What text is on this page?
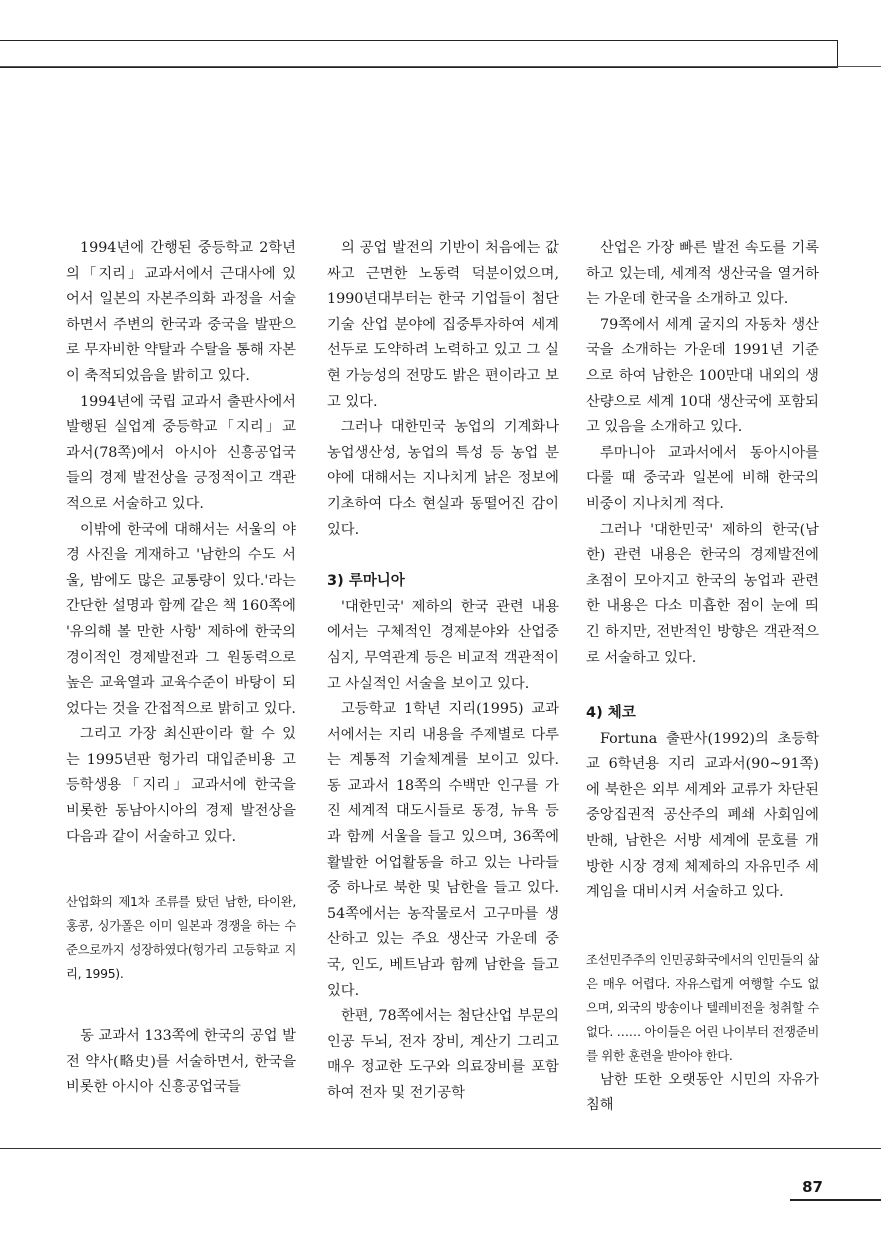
1994년에 간행된 중등학교 2학년의「지리」교과서에서 근대사에 있어서 일본의 자본주의화 과정을 서술하면서 주변의 한국과 중국을 발판으로 무자비한 약탈과 수탈을 통해 자본이 축적되었음을 밝히고 있다.

1994년에 국립 교과서 출판사에서 발행된 실업계 중등학교「지리」교과서(78쪽)에서 아시아 신흥공업국들의 경제 발전상을 긍정적이고 객관적으로 서술하고 있다.

이밖에 한국에 대해서는 서울의 야경 사진을 게재하고 '남한의 수도 서울, 밤에도 많은 교통량이 있다.'라는 간단한 설명과 함께 같은 책 160쪽에 '유의해 볼 만한 사항' 제하에 한국의 경이적인 경제발전과 그 원동력으로 높은 교육열과 교육수준이 바탕이 되었다는 것을 간접적으로 밝히고 있다.

그리고 가장 최신판이라 할 수 있는 1995년판 헝가리 대입준비용 고등학생용「지리」교과서에 한국을 비롯한 동남아시아의 경제 발전상을 다음과 같이 서술하고 있다.

산업화의 제1차 조류를 탔던 남한, 타이완, 홍콩, 싱가폴은 이미 일본과 경쟁을 하는 수준으로까지 성장하였다(헝가리 고등학교 지리, 1995).

동 교과서 133쪽에 한국의 공업 발전 약사(略史)를 서술하면서, 한국을 비롯한 아시아 신흥공업국들

의 공업 발전의 기반이 처음에는 값싸고 근면한 노동력 덕분이었으며, 1990년대부터는 한국 기업들이 첨단기술 산업 분야에 집중투자하여 세계 선두로 도약하려 노력하고 있고 그 실현 가능성의 전망도 밝은 편이라고 보고 있다.

그러나 대한민국 농업의 기계화나 농업생산성, 농업의 특성 등 농업 분야에 대해서는 지나치게 낡은 정보에 기초하여 다소 현실과 동떨어진 감이 있다.

3) 루마니아

'대한민국' 제하의 한국 관련 내용에서는 구체적인 경제분야와 산업중심지, 무역관계 등은 비교적 객관적이고 사실적인 서술을 보이고 있다.

고등학교 1학년 지리(1995) 교과서에서는 지리 내용을 주제별로 다루는 계통적 기술체계를 보이고 있다. 동 교과서 18쪽의 수백만 인구를 가진 세계적 대도시들로 동경, 뉴욕 등과 함께 서울을 들고 있으며, 36쪽에 활발한 어업활동을 하고 있는 나라들 중 하나로 북한 및 남한을 들고 있다. 54쪽에서는 농작물로서 고구마를 생산하고 있는 주요 생산국 가운데 중국, 인도, 베트남과 함께 남한을 들고 있다.

한편, 78쪽에서는 첨단산업 부문의 인공 두뇌, 전자 장비, 계산기 그리고 매우 정교한 도구와 의료장비를 포함하여 전자 및 전기공학

산업은 가장 빠른 발전 속도를 기록하고 있는데, 세계적 생산국을 열거하는 가운데 한국을 소개하고 있다.

79쪽에서 세계 굴지의 자동차 생산국을 소개하는 가운데 1991년 기준으로 하여 남한은 100만대 내외의 생산량으로 세계 10대 생산국에 포함되고 있음을 소개하고 있다.

루마니아 교과서에서 동아시아를 다룰 때 중국과 일본에 비해 한국의 비중이 지나치게 적다.

그러나 '대한민국' 제하의 한국(남한) 관련 내용은 한국의 경제발전에 초점이 모아지고 한국의 농업과 관련한 내용은 다소 미흡한 점이 눈에 띄긴 하지만, 전반적인 방향은 객관적으로 서술하고 있다.

4) 체코

Fortuna 출판사(1992)의 초등학교 6학년용 지리 교과서(90~91쪽)에 북한은 외부 세계와 교류가 차단된 중앙집권적 공산주의 폐쇄 사회임에 반해, 남한은 서방 세계에 문호를 개방한 시장 경제 체제하의 자유민주 세계임을 대비시켜 서술하고 있다.

조선민주주의 인민공화국에서의 인민들의 삶은 매우 어렵다. 자유스럽게 여행할 수도 없으며, 외국의 방송이나 텔레비전을 청취할 수 없다. …… 아이들은 어린 나이부터 전쟁준비를 위한 훈련을 받아야 한다.

남한 또한 오랫동안 시민의 자유가 침해

87
